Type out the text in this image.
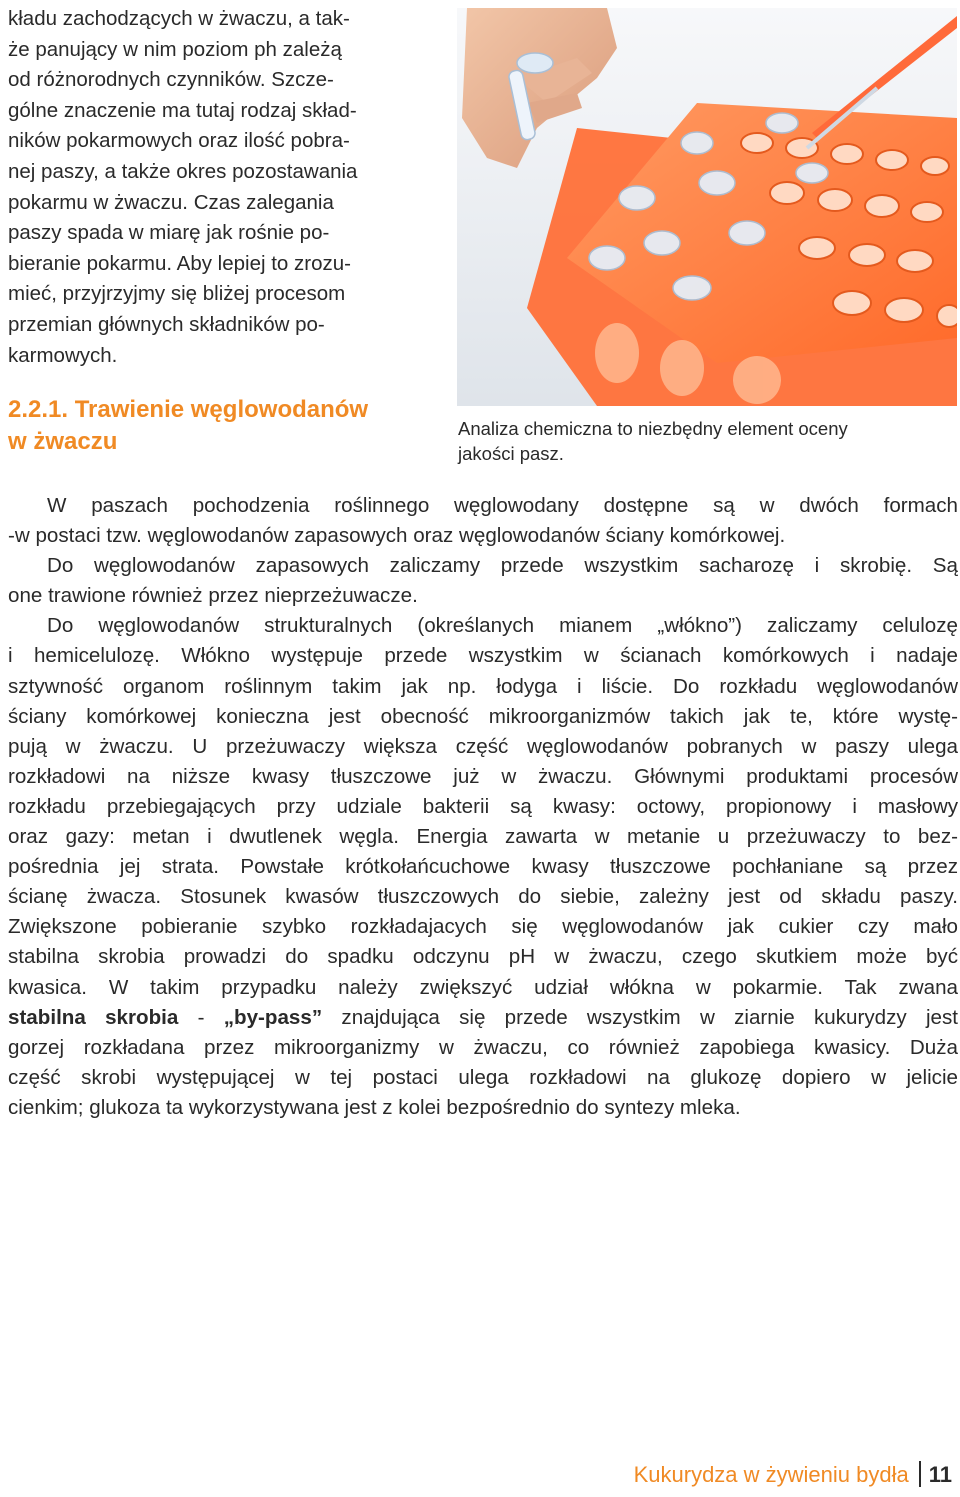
kładu zachodzących w żwaczu, a tak-
że panujący w nim poziom ph zależą
od różnorodnych czynników. Szcze-
gólne znaczenie ma tutaj rodzaj skład-
ników pokarmowych oraz ilość pobra-
nej paszy, a także okres pozostawania
pokarmu w żwaczu. Czas zalegania
paszy spada w miarę jak rośnie po-
bieranie pokarmu. Aby lepiej to zrozu-
mieć, przyjrzyjmy się bliżej procesom
przemian głównych składników po-
karmowych.
2.2.1. Trawienie węglowodanów
w żwaczu	Analiza chemiczna to niezbędny element oceny
jakości pasz.

W paszach pochodzenia roślinnego węglowodany dostępne są w dwóch formach
-w postaci tzw. węglowodanów zapasowych oraz węglowodanów ściany komórkowej.
Do węglowodanów zapasowych zaliczamy przede wszystkim sacharozę i skrobię. Są
one trawione również przez nieprzeżuwacze.
Do węglowodanów strukturalnych (określanych mianem „włókno”) zaliczamy celulozę
i hemicelulozę. Włókno występuje przede wszystkim w ścianach komórkowych i nadaje
sztywność organom roślinnym takim jak np. łodyga i liście. Do rozkładu węglowodanów
ściany komórkowej konieczna jest obecność mikroorganizmów takich jak te, które wystę-
pują w żwaczu. U przeżuwaczy większa część węglowodanów pobranych w paszy ulega
rozkładowi na niższe kwasy tłuszczowe już w żwaczu. Głównymi produktami procesów
rozkładu przebiegających przy udziale bakterii są kwasy: octowy, propionowy i masłowy
oraz gazy: metan i dwutlenek węgla. Energia zawarta w metanie u przeżuwaczy to bez-
pośrednia jej strata. Powstałe krótkołańcuchowe kwasy tłuszczowe pochłaniane są przez
ścianę żwacza. Stosunek kwasów tłuszczowych do siebie, zależny jest od składu paszy.
Zwiększone pobieranie szybko rozkładajacych się węglowodanów jak cukier czy mało
stabilna skrobia prowadzi do spadku odczynu pH w żwaczu, czego skutkiem może być
kwasica. W takim przypadku należy zwiększyć udział włókna w pokarmie. Tak zwana
stabilna skrobia - „by-pass” znajdująca się przede wszystkim w ziarnie kukurydzy jest
gorzej rozkładana przez mikroorganizmy w żwaczu, co również zapobiega kwasicy. Duża
część skrobi występującej w tej postaci ulega rozkładowi na glukozę dopiero w jelicie
cienkim; glukoza ta wykorzystywana jest z kolei bezpośrednio do syntezy mleka.
Kukurydza w żywieniu bydła 11
